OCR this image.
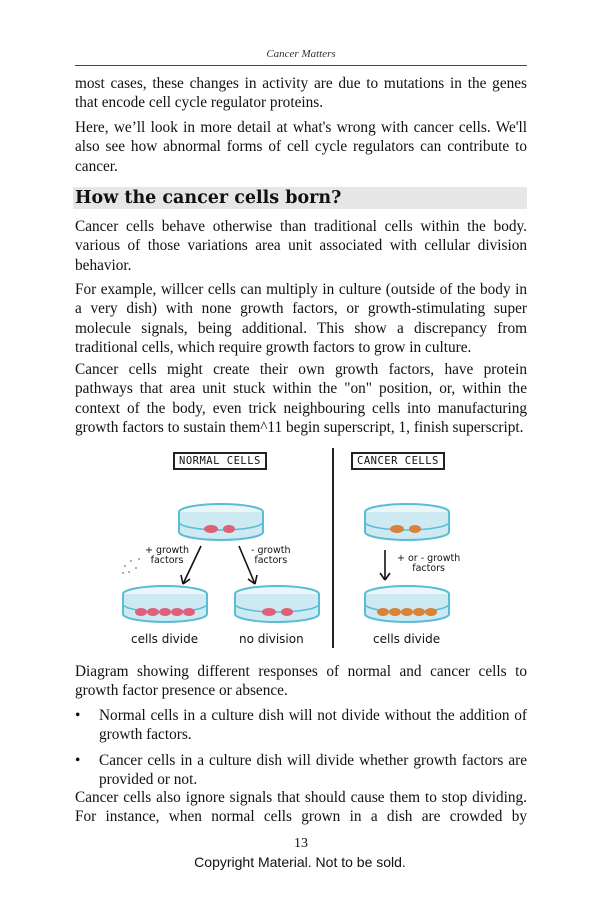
Cancer Matters

most cases, these changes in activity are due to mutations in the genes that encode cell cycle regulator proteins.

Here, we’ll look in more detail at what's wrong with cancer cells. We'll also see how abnormal forms of cell cycle regulators can contribute to cancer.

How the cancer cells born?

Cancer cells behave otherwise than traditional cells within the body. various of those variations area unit associated with cellular division behavior.

For example, willcer cells can multiply in culture (outside of the body in a very dish) with none growth factors, or growth-stimulating super molecule signals, being additional. This show a discrepancy from traditional cells, which require growth factors to grow in culture.

Cancer cells might create their own growth factors, have protein pathways that area unit stuck within the "on" position, or, within the context of the body, even trick neighbouring cells into manufacturing growth factors to sustain them^11 begin superscript, 1, finish superscript.

NORMAL CELLS	CANCER CELLS
+ growth
factors
- growth
factors	+ or - growth
factors
cells divide	no division	cells divide

Diagram showing different responses of normal and cancer cells to growth factor presence or absence.

• Normal cells in a culture dish will not divide without the addition of growth factors.
• Cancer cells in a culture dish will divide whether growth factors are provided or not.

Cancer cells also ignore signals that should cause them to stop dividing. For instance, when normal cells grown in a dish are crowded by

13
Copyright Material. Not to be sold.
